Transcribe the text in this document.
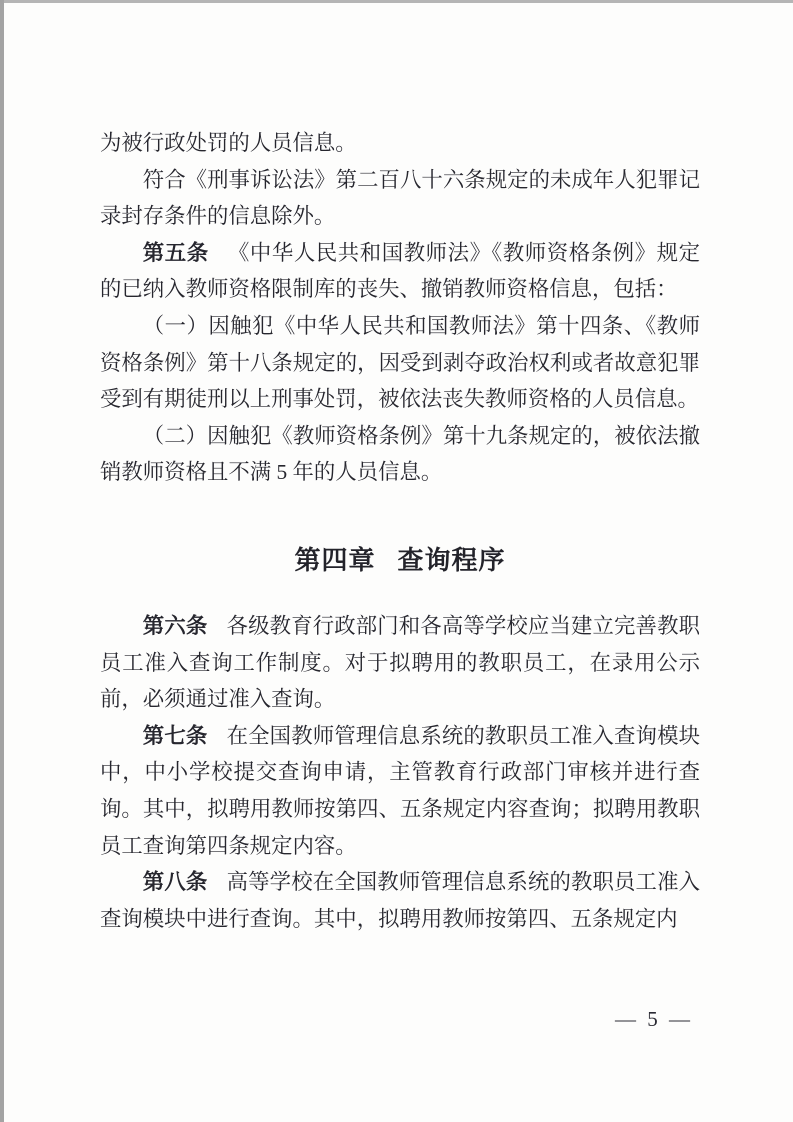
为被行政处罚的人员信息。

符合《刑事诉讼法》第二百八十六条规定的未成年人犯罪记录封存条件的信息除外。

第五条 《中华人民共和国教师法》《教师资格条例》规定的已纳入教师资格限制库的丧失、撤销教师资格信息，包括：

（一）因触犯《中华人民共和国教师法》第十四条、《教师资格条例》第十八条规定的，因受到剥夺政治权利或者故意犯罪受到有期徒刑以上刑事处罚，被依法丧失教师资格的人员信息。

（二）因触犯《教师资格条例》第十九条规定的，被依法撤销教师资格且不满 5 年的人员信息。

第四章 查询程序

第六条 各级教育行政部门和各高等学校应当建立完善教职员工准入查询工作制度。对于拟聘用的教职员工，在录用公示前，必须通过准入查询。

第七条 在全国教师管理信息系统的教职员工准入查询模块中，中小学校提交查询申请，主管教育行政部门审核并进行查询。其中，拟聘用教师按第四、五条规定内容查询；拟聘用教职员工查询第四条规定内容。

第八条 高等学校在全国教师管理信息系统的教职员工准入查询模块中进行查询。其中，拟聘用教师按第四、五条规定内

— 5 —
